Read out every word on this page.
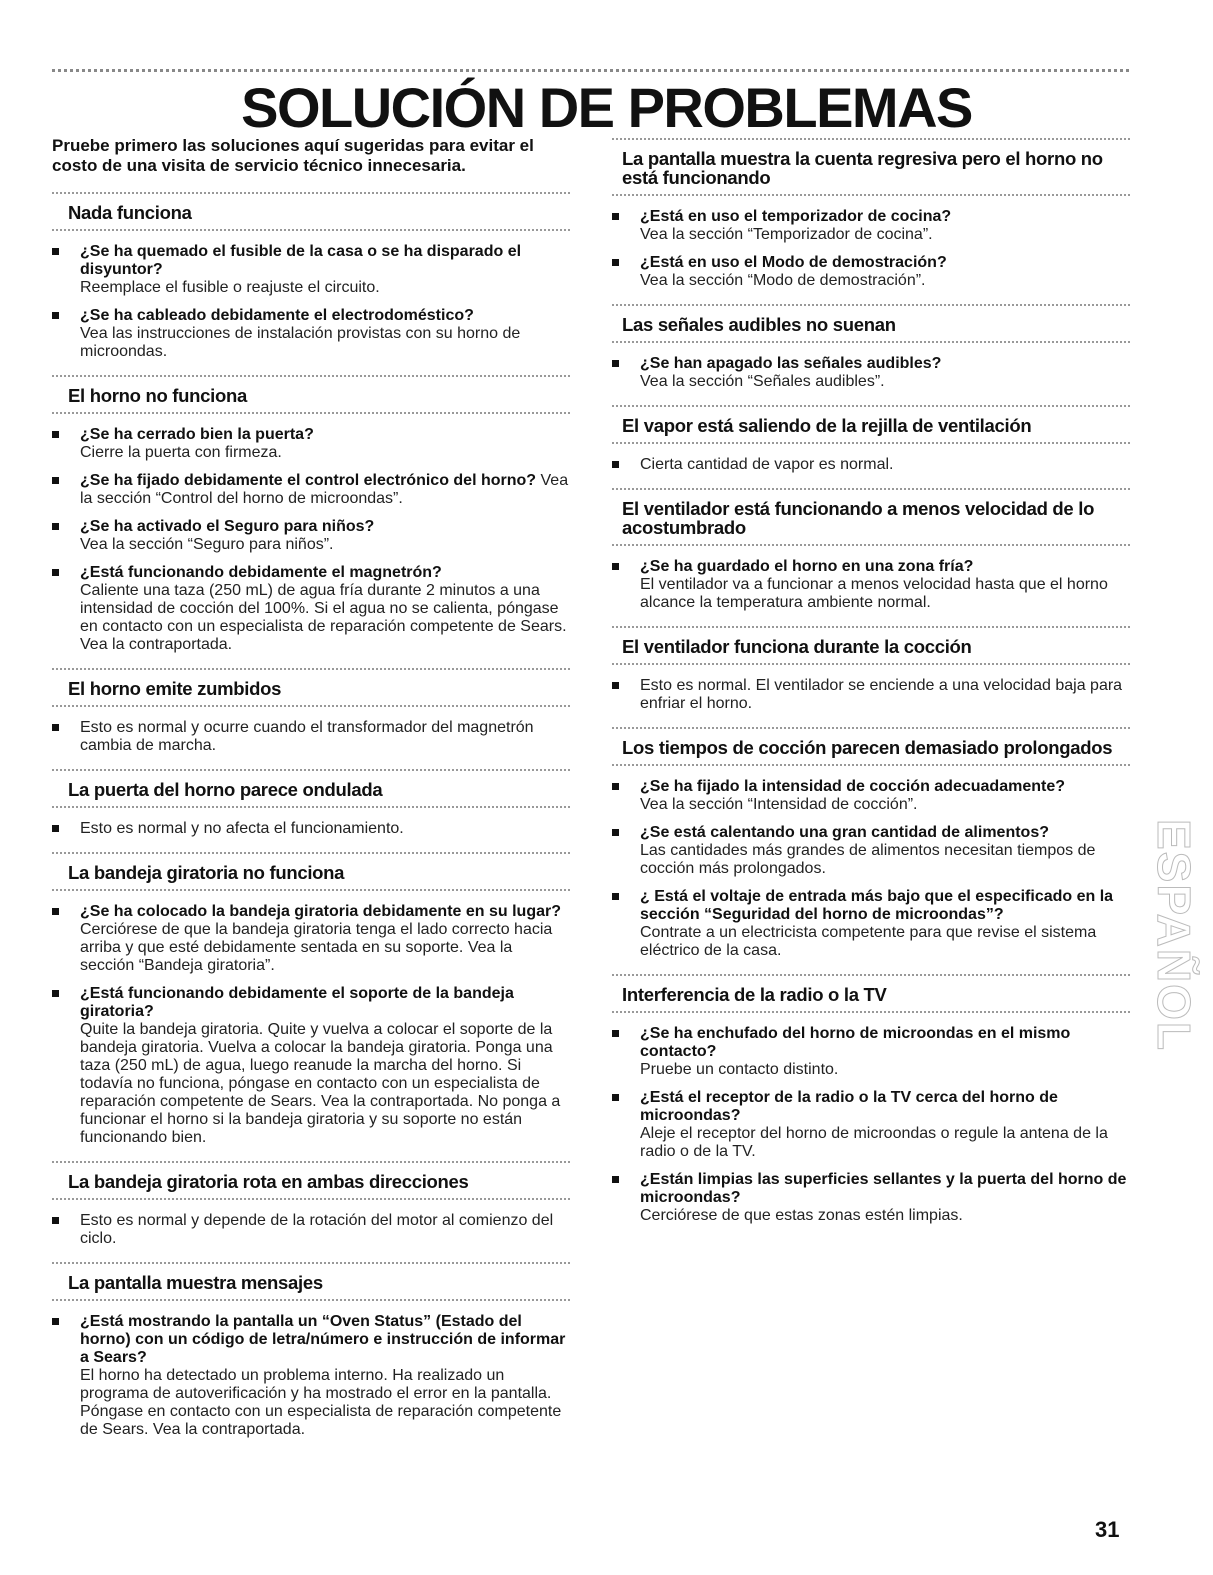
SOLUCIÓN DE PROBLEMAS

Pruebe primero las soluciones aquí sugeridas para evitar el costo de una visita de servicio técnico innecesaria.

Nada funciona
¿Se ha quemado el fusible de la casa o se ha disparado el disyuntor?
Reemplace el fusible o reajuste el circuito.
¿Se ha cableado debidamente el electrodoméstico?
Vea las instrucciones de instalación provistas con su horno de microondas.
El horno no funciona
¿Se ha cerrado bien la puerta?
Cierre la puerta con firmeza.
¿Se ha fijado debidamente el control electrónico del horno? Vea la sección “Control del horno de microondas”.
¿Se ha activado el Seguro para niños?
Vea la sección “Seguro para niños”.
¿Está funcionando debidamente el magnetrón?
Caliente una taza (250 mL) de agua fría durante 2 minutos a una intensidad de cocción del 100%. Si el agua no se calienta, póngase en contacto con un especialista de reparación competente de Sears. Vea la contraportada.
El horno emite zumbidos
Esto es normal y ocurre cuando el transformador del magnetrón cambia de marcha.
La puerta del horno parece ondulada
Esto es normal y no afecta el funcionamiento.
La bandeja giratoria no funciona
¿Se ha colocado la bandeja giratoria debidamente en su lugar?
Cerciórese de que la bandeja giratoria tenga el lado correcto hacia arriba y que esté debidamente sentada en su soporte. Vea la sección “Bandeja giratoria”.
¿Está funcionando debidamente el soporte de la bandeja giratoria?
Quite la bandeja giratoria. Quite y vuelva a colocar el soporte de la bandeja giratoria. Vuelva a colocar la bandeja giratoria. Ponga una taza (250 mL) de agua, luego reanude la marcha del horno. Si todavía no funciona, póngase en contacto con un especialista de reparación competente de Sears. Vea la contraportada. No ponga a funcionar el horno si la bandeja giratoria y su soporte no están funcionando bien.
La bandeja giratoria rota en ambas direcciones
Esto es normal y depende de la rotación del motor al comienzo del ciclo.
La pantalla muestra mensajes
¿Está mostrando la pantalla un “Oven Status” (Estado del horno) con un código de letra/número e instrucción de informar a Sears?
El horno ha detectado un problema interno. Ha realizado un programa de autoverificación y ha mostrado el error en la pantalla. Póngase en contacto con un especialista de reparación competente de Sears. Vea la contraportada.
La pantalla muestra la cuenta regresiva pero el horno no está funcionando
¿Está en uso el temporizador de cocina?
Vea la sección “Temporizador de cocina”.
¿Está en uso el Modo de demostración?
Vea la sección “Modo de demostración”.
Las señales audibles no suenan
¿Se han apagado las señales audibles?
Vea la sección “Señales audibles”.
El vapor está saliendo de la rejilla de ventilación
Cierta cantidad de vapor es normal.
El ventilador está funcionando a menos velocidad de lo acostumbrado
¿Se ha guardado el horno en una zona fría?
El ventilador va a funcionar a menos velocidad hasta que el horno alcance la temperatura ambiente normal.
El ventilador funciona durante la cocción
Esto es normal. El ventilador se enciende a una velocidad baja para enfriar el horno.
Los tiempos de cocción parecen demasiado prolongados
¿Se ha fijado la intensidad de cocción adecuadamente?
Vea la sección “Intensidad de cocción”.
¿Se está calentando una gran cantidad de alimentos?
Las cantidades más grandes de alimentos necesitan tiempos de cocción más prolongados.
¿ Está el voltaje de entrada más bajo que el especificado en la sección “Seguridad del horno de microondas”?
Contrate a un electricista competente para que revise el sistema eléctrico de la casa.
Interferencia de la radio o la TV
¿Se ha enchufado del horno de microondas en el mismo contacto?
Pruebe un contacto distinto.
¿Está el receptor de la radio o la TV cerca del horno de microondas?
Aleje el receptor del horno de microondas o regule la antena de la radio o de la TV.
¿Están limpias las superficies sellantes y la puerta del horno de microondas?
Cerciórese de que estas zonas estén limpias.
ESPAÑOL
31
